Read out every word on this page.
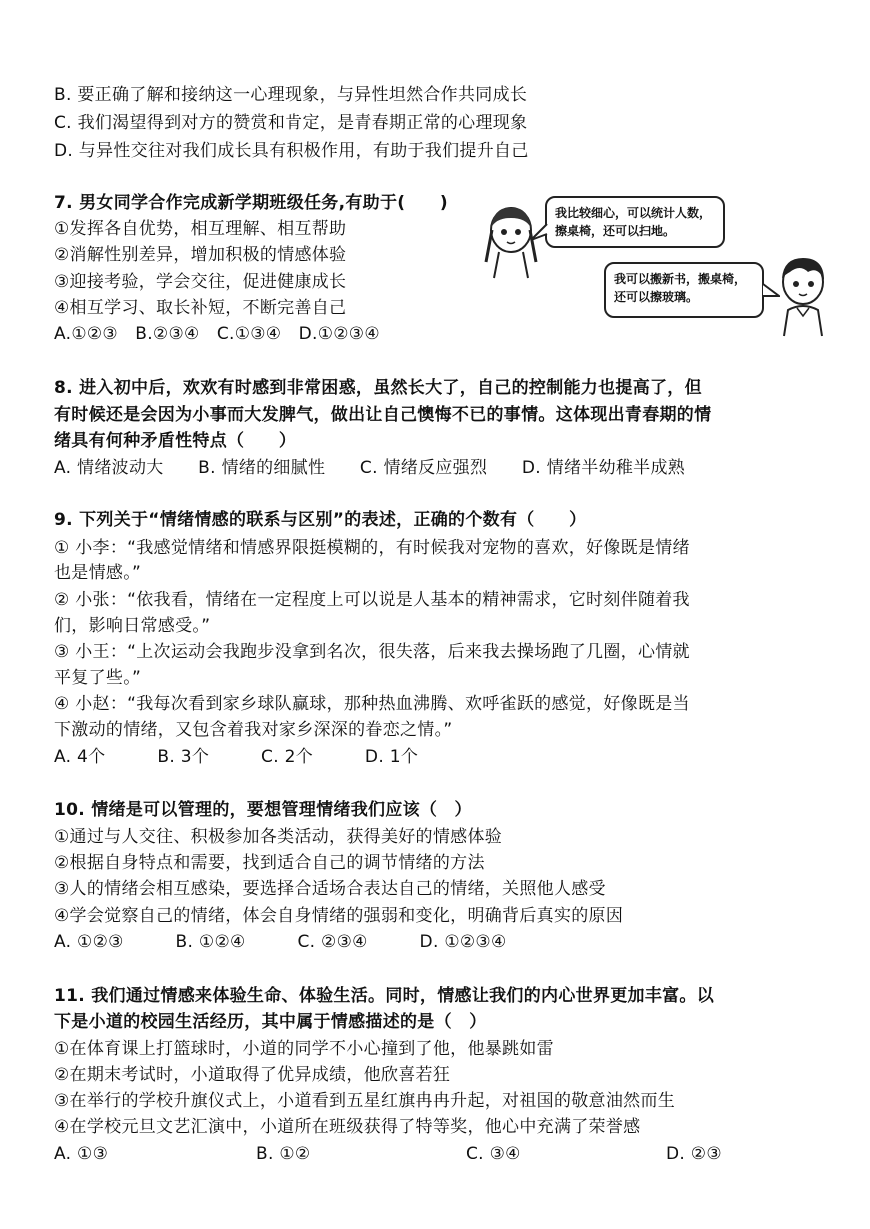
B. 要正确了解和接纳这一心理现象，与异性坦然合作共同成长
C. 我们渴望得到对方的赞赏和肯定，是青春期正常的心理现象
D. 与异性交往对我们成长具有积极作用，有助于我们提升自己
7. 男女同学合作完成新学期班级任务,有助于(　　)
①发挥各自优势，相互理解、相互帮助
②消解性别差异，增加积极的情感体验
③迎接考验，学会交往，促进健康成长
④相互学习、取长补短，不断完善自己
A.①②③　B.②③④　C.①③④　D.①②③④
我比较细心，可以统计人数，擦桌椅，还可以扫地。
我可以搬新书，搬桌椅，还可以擦玻璃。
8. 进入初中后，欢欢有时感到非常困惑，虽然长大了，自己的控制能力也提高了，但
有时候还是会因为小事而大发脾气，做出让自己懊悔不已的事情。这体现出青春期的情
绪具有何种矛盾性特点（　　）
A. 情绪波动大　　B. 情绪的细腻性　　C. 情绪反应强烈　　D. 情绪半幼稚半成熟
9. 下列关于“情绪情感的联系与区别”的表述，正确的个数有（　　）
① 小李：“我感觉情绪和情感界限挺模糊的，有时候我对宠物的喜欢，好像既是情绪
也是情感。”
② 小张：“依我看，情绪在一定程度上可以说是人基本的精神需求，它时刻伴随着我
们，影响日常感受。”
③ 小王：“上次运动会我跑步没拿到名次，很失落，后来我去操场跑了几圈，心情就
平复了些。”
④ 小赵：“我每次看到家乡球队赢球，那种热血沸腾、欢呼雀跃的感觉，好像既是当
下激动的情绪，又包含着我对家乡深深的眷恋之情。”
A. 4个　　　B. 3个　　　C. 2个　　　D. 1个
10. 情绪是可以管理的，要想管理情绪我们应该（　）
①通过与人交往、积极参加各类活动，获得美好的情感体验
②根据自身特点和需要，找到适合自己的调节情绪的方法
③人的情绪会相互感染，要选择合适场合表达自己的情绪，关照他人感受
④学会觉察自己的情绪，体会自身情绪的强弱和变化，明确背后真实的原因
A. ①②③　　　B. ①②④　　　C. ②③④　　　D. ①②③④
11. 我们通过情感来体验生命、体验生活。同时，情感让我们的内心世界更加丰富。以
下是小道的校园生活经历，其中属于情感描述的是（　）
①在体育课上打篮球时，小道的同学不小心撞到了他，他暴跳如雷
②在期末考试时，小道取得了优异成绩，他欣喜若狂
③在举行的学校升旗仪式上，小道看到五星红旗冉冉升起，对祖国的敬意油然而生
④在学校元旦文艺汇演中，小道所在班级获得了特等奖，他心中充满了荣誉感
A. ①③	B. ①②	C. ③④	D. ②③
